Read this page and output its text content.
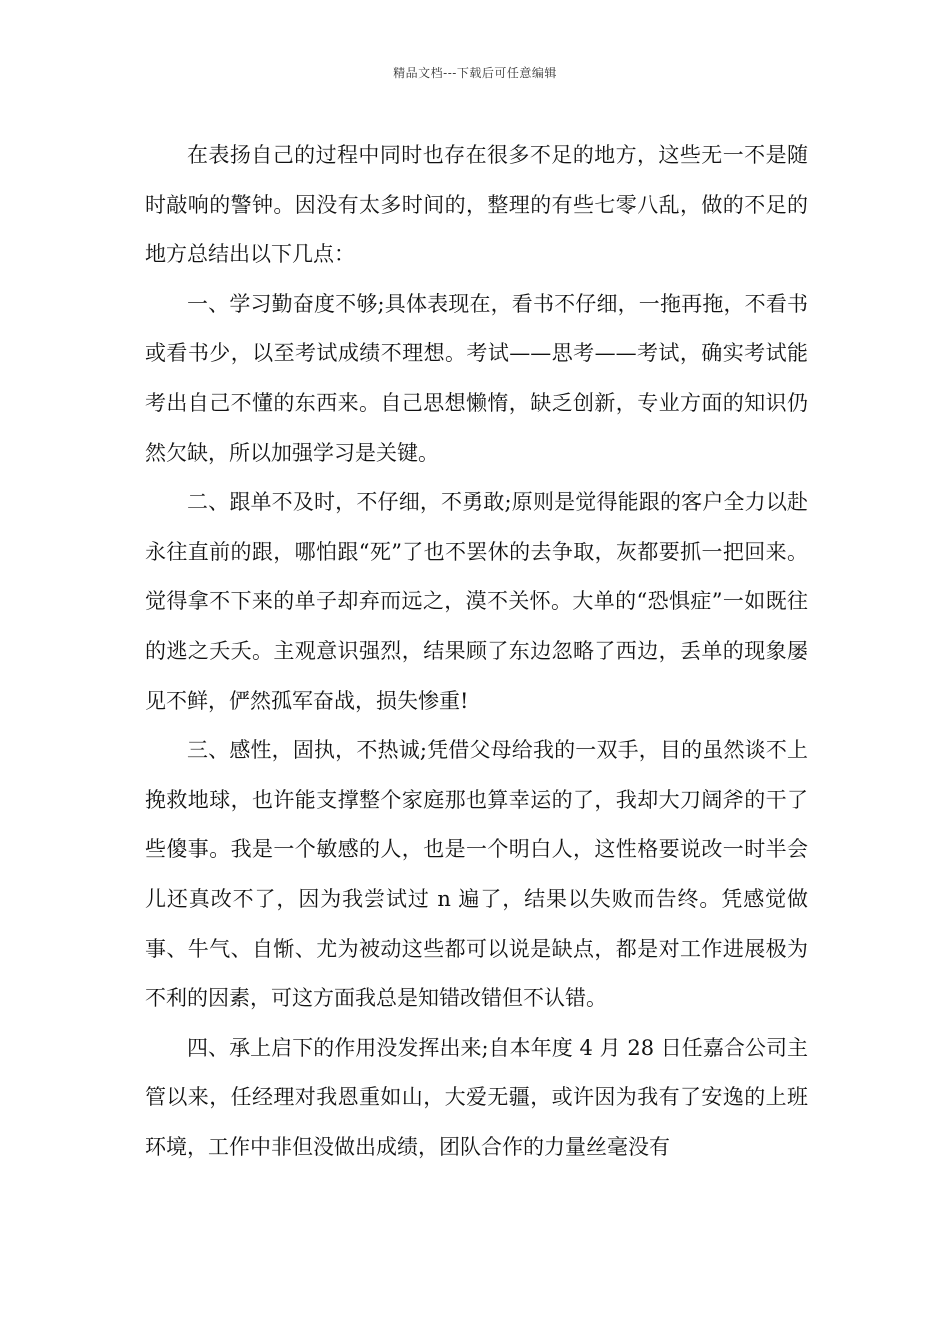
精品文档---下载后可任意编辑

在表扬自己的过程中同时也存在很多不足的地方，这些无一不是随时敲响的警钟。因没有太多时间的，整理的有些七零八乱，做的不足的地方总结出以下几点：

一、学习勤奋度不够;具体表现在，看书不仔细，一拖再拖，不看书或看书少，以至考试成绩不理想。考试——思考——考试，确实考试能考出自己不懂的东西来。自己思想懒惰，缺乏创新，专业方面的知识仍然欠缺，所以加强学习是关键。

二、跟单不及时，不仔细，不勇敢;原则是觉得能跟的客户全力以赴永往直前的跟，哪怕跟“死”了也不罢休的去争取，灰都要抓一把回来。觉得拿不下来的单子却弃而远之，漠不关怀。大单的“恐惧症”一如既往的逃之夭夭。主观意识强烈，结果顾了东边忽略了西边，丢单的现象屡见不鲜，俨然孤军奋战，损失惨重!

三、感性，固执，不热诚;凭借父母给我的一双手，目的虽然谈不上挽救地球，也许能支撑整个家庭那也算幸运的了，我却大刀阔斧的干了些傻事。我是一个敏感的人，也是一个明白人，这性格要说改一时半会儿还真改不了，因为我尝试过 n 遍了，结果以失败而告终。凭感觉做事、牛气、自惭、尤为被动这些都可以说是缺点，都是对工作进展极为不利的因素，可这方面我总是知错改错但不认错。

四、承上启下的作用没发挥出来;自本年度 4 月 28 日任嘉合公司主管以来，任经理对我恩重如山，大爱无疆，或许因为我有了安逸的上班环境，工作中非但没做出成绩，团队合作的力量丝毫没有
